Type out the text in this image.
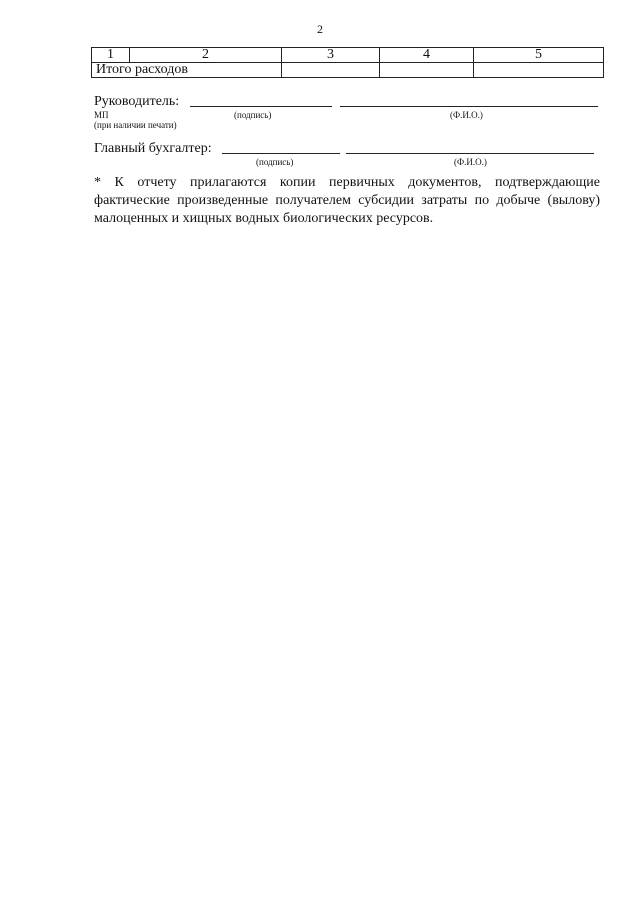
2
1	2	3	4	5
Итого расходов				
Руководитель:
МП	(подпись)	(Ф.И.О.)
(при наличии печати)
Главный бухгалтер:
(подпись)	(Ф.И.О.)
* К отчету прилагаются копии первичных документов, подтверждающие фактические произведенные получателем субсидии затраты по добыче (вылову) малоценных и хищных водных биологических ресурсов.
